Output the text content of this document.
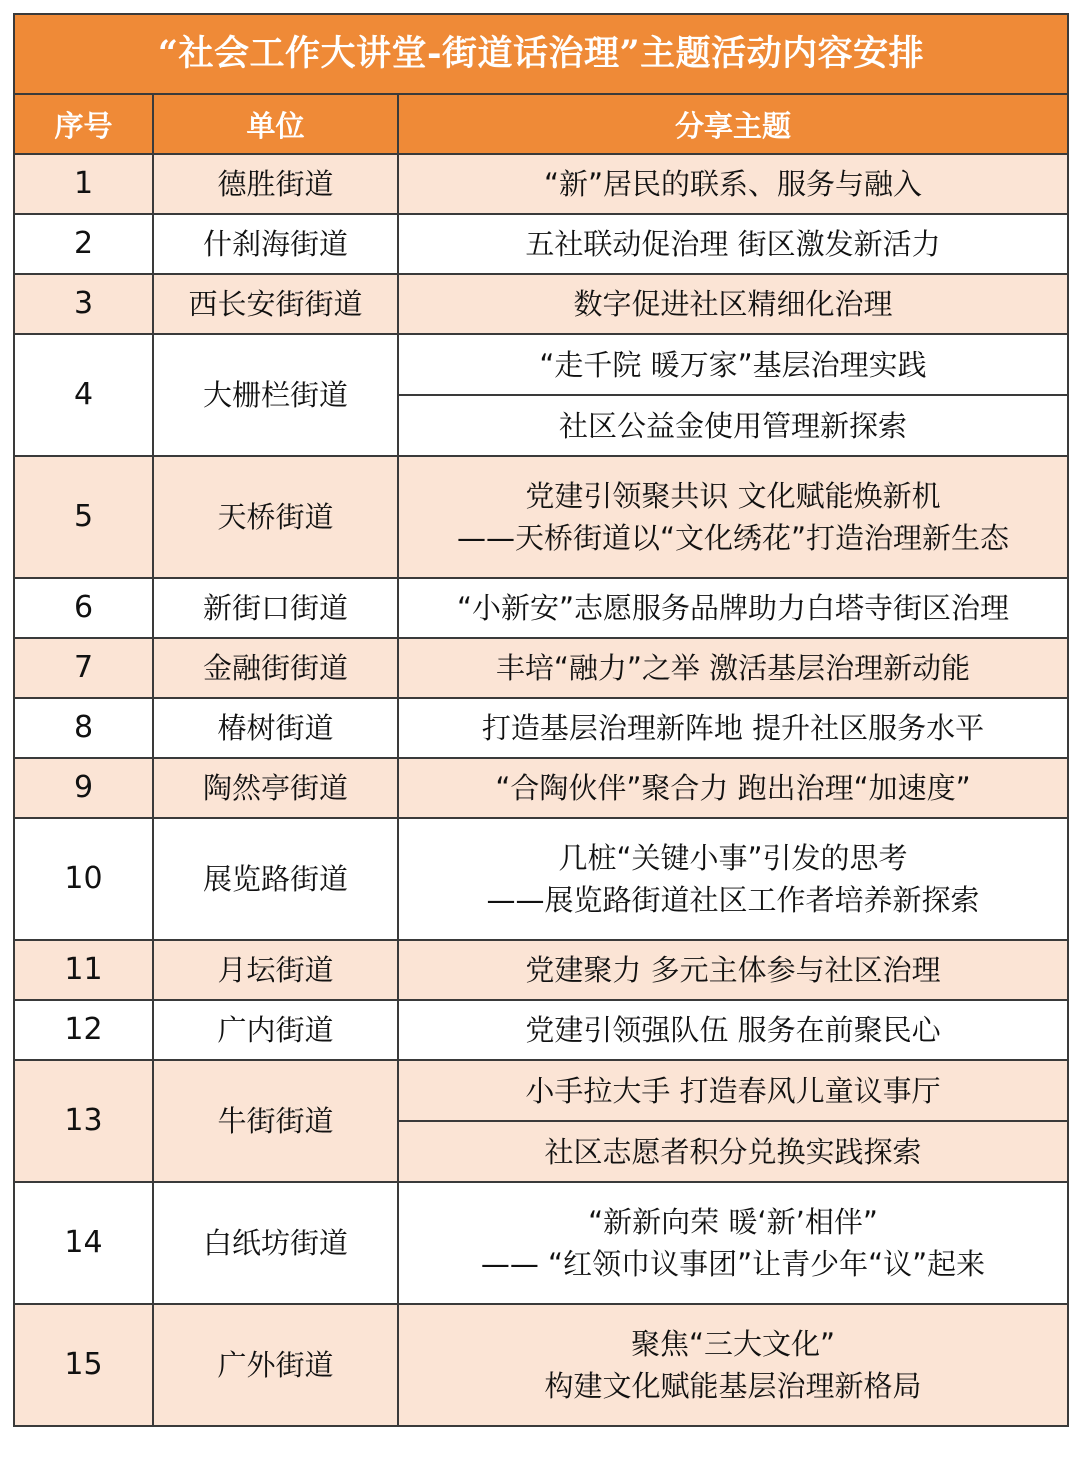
“社会工作大讲堂-街道话治理”主题活动内容安排		
序号	单位	分享主题
1	德胜街道	“新”居民的联系、服务与融入
2	什刹海街道	五社联动促治理 街区激发新活力
3	西长安街街道	数字促进社区精细化治理
4	大栅栏街道	“走千院 暖万家”基层治理实践
		社区公益金使用管理新探索
5	天桥街道	党建引领聚共识 文化赋能焕新机
——天桥街道以“文化绣花”打造治理新生态

6	新街口街道	“小新安”志愿服务品牌助力白塔寺街区治理
7	金融街街道	丰培“融力”之举 激活基层治理新动能
8	椿树街道	打造基层治理新阵地 提升社区服务水平
9	陶然亭街道	“合陶伙伴”聚合力 跑出治理“加速度”
10	展览路街道	几桩“关键小事”引发的思考
——展览路街道社区工作者培养新探索

11	月坛街道	党建聚力 多元主体参与社区治理
12	广内街道	党建引领强队伍 服务在前聚民心
13	牛街街道	小手拉大手 打造春风儿童议事厅
		社区志愿者积分兑换实践探索
14	白纸坊街道	“新新向荣 暖‘新’相伴”
—— “红领巾议事团”让青少年“议”起来

15	广外街道	聚焦“三大文化”
构建文化赋能基层治理新格局
